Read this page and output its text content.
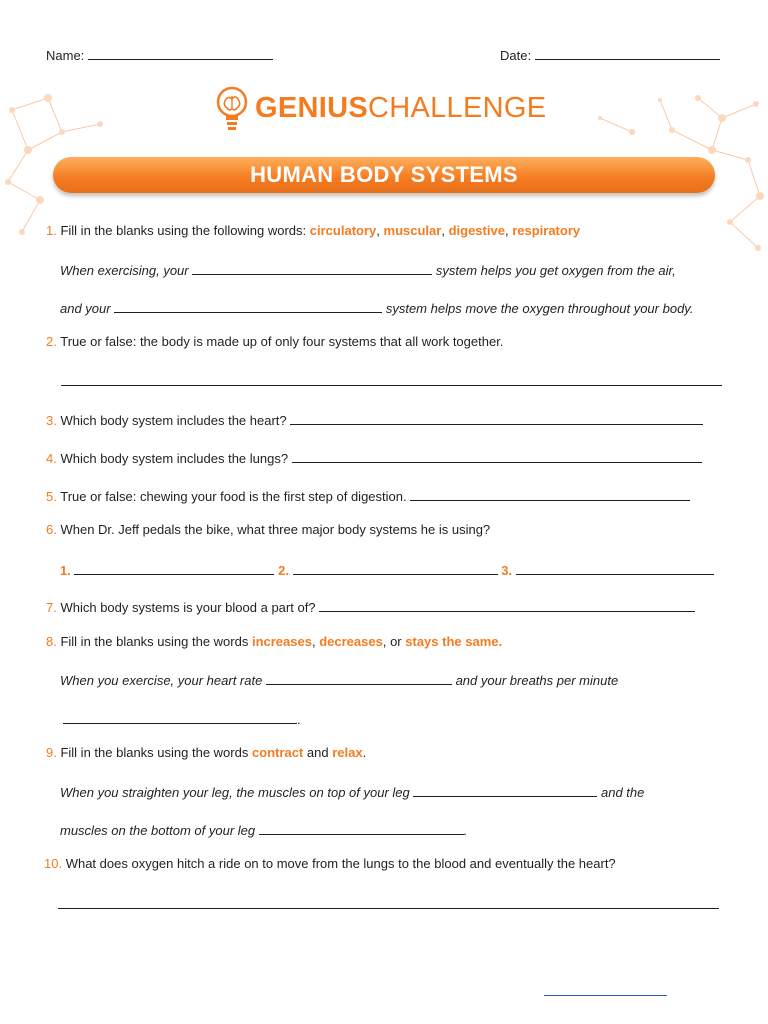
Name:	Date:
GENIUSCHALLENGE
HUMAN BODY SYSTEMS
1. Fill in the blanks using the following words: circulatory, muscular, digestive, respiratory
When exercising, your	system helps you get oxygen from the air,
and your	system helps move the oxygen throughout your body.
2. True or false: the body is made up of only four systems that all work together.
3. Which body system includes the heart?
4. Which body system includes the lungs?
5. True or false: chewing your food is the first step of digestion.
6. When Dr. Jeff pedals the bike, what three major body systems he is using?
1.	2.	3.
7. Which body systems is your blood a part of?
8. Fill in the blanks using the words increases, decreases, or stays the same.
When you exercise, your heart rate	and your breaths per minute
.
9. Fill in the blanks using the words contract and relax.
When you straighten your leg, the muscles on top of your leg	and the
muscles on the bottom of your leg	.
10. What does oxygen hitch a ride on to move from the lungs to the blood and eventually the heart?
